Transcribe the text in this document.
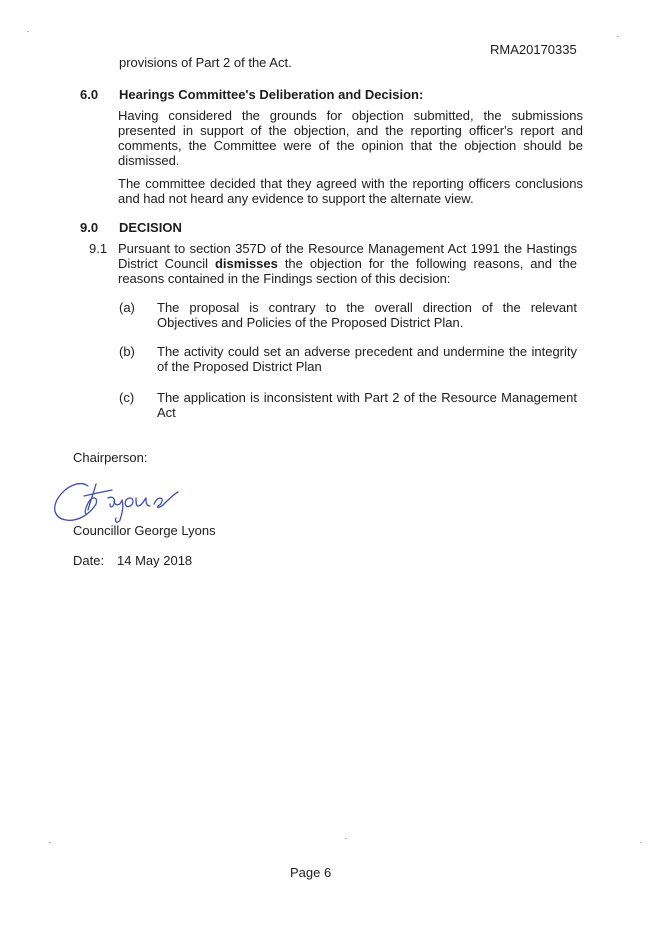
RMA20170335
provisions of Part 2 of the Act.
6.0 Hearings Committee's Deliberation and Decision:
Having considered the grounds for objection submitted, the submissions presented in support of the objection, and the reporting officer's report and comments, the Committee were of the opinion that the objection should be dismissed.
The committee decided that they agreed with the reporting officers conclusions and had not heard any evidence to support the alternate view.
9.0 DECISION
9.1 Pursuant to section 357D of the Resource Management Act 1991 the Hastings District Council dismisses the objection for the following reasons, and the reasons contained in the Findings section of this decision:
(a) The proposal is contrary to the overall direction of the relevant Objectives and Policies of the Proposed District Plan.
(b) The activity could set an adverse precedent and undermine the integrity of the Proposed District Plan
(c) The application is inconsistent with Part 2 of the Resource Management Act
Chairperson:
Councillor George Lyons
Date: 14 May 2018
Page 6
